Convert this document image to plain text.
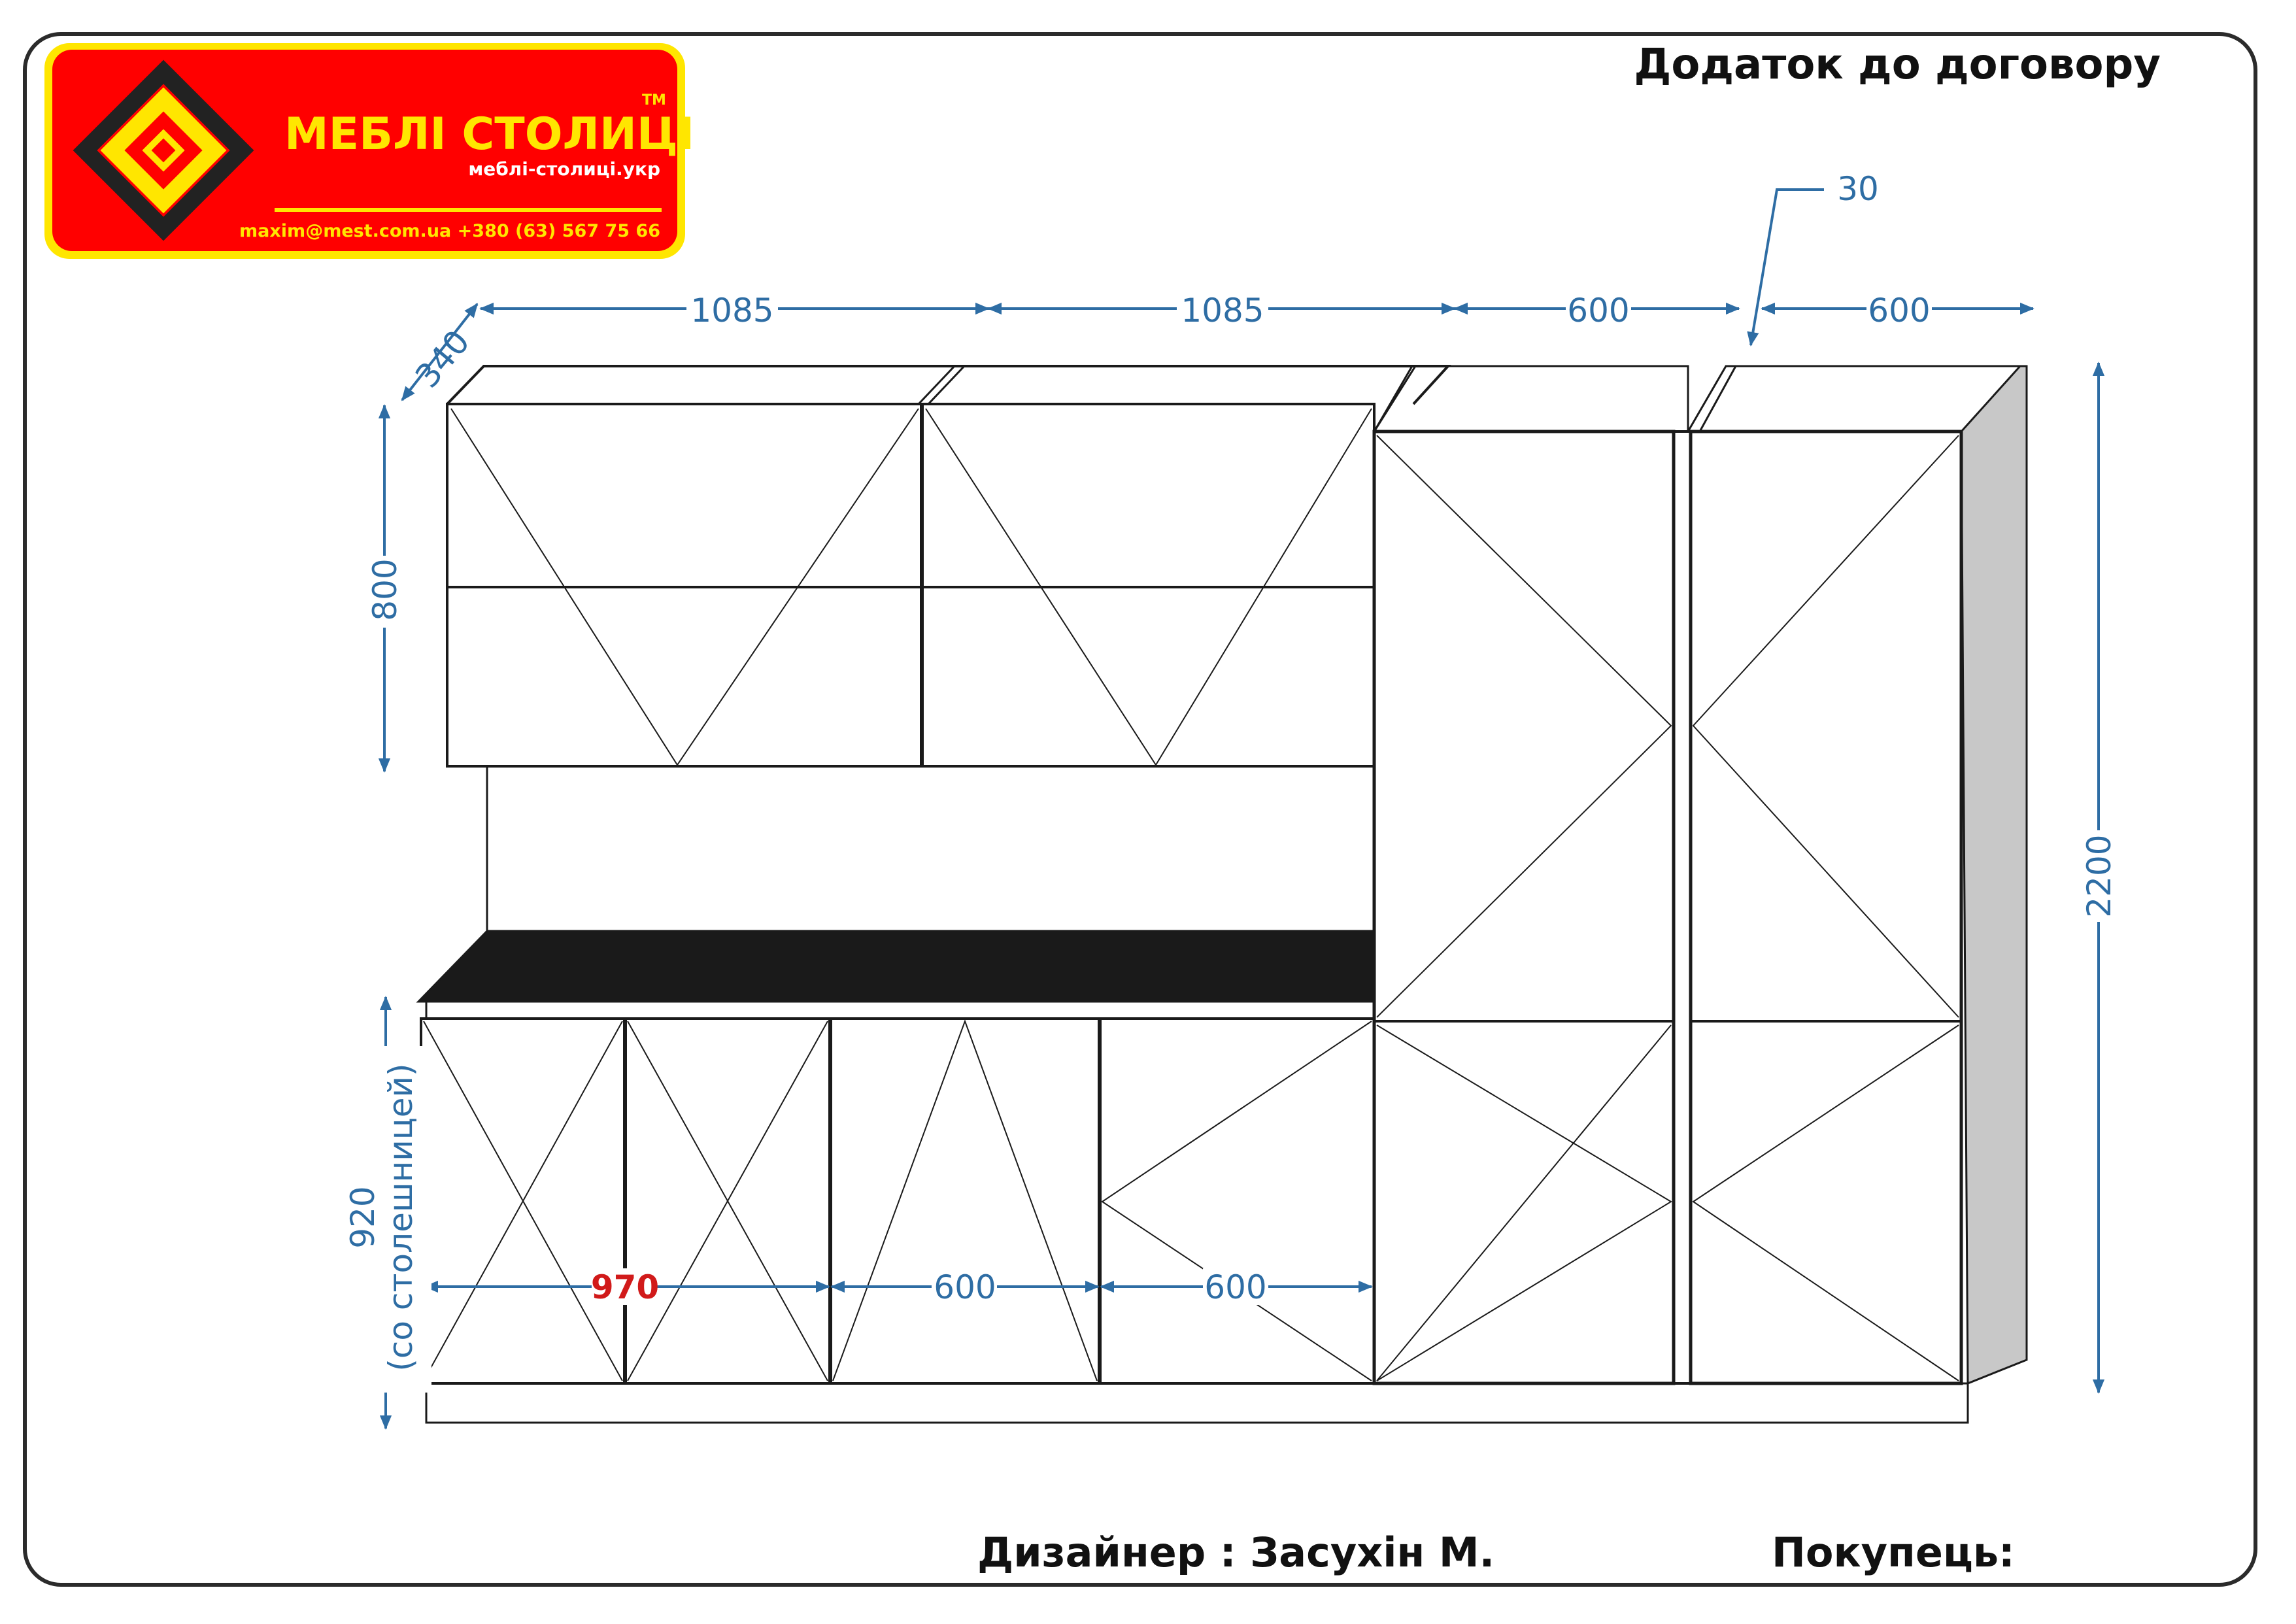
Додаток до договору
МЕБЛІ СТОЛИЦІ
TM
меблі-столиці.укр
maxim@mest.com.ua +380 (63) 567 75 66
1085	1085	600	600
30
340
800
2200
920 (со столешницей)	970	600	600
Дизайнер : Засухін М.	Покупець:
